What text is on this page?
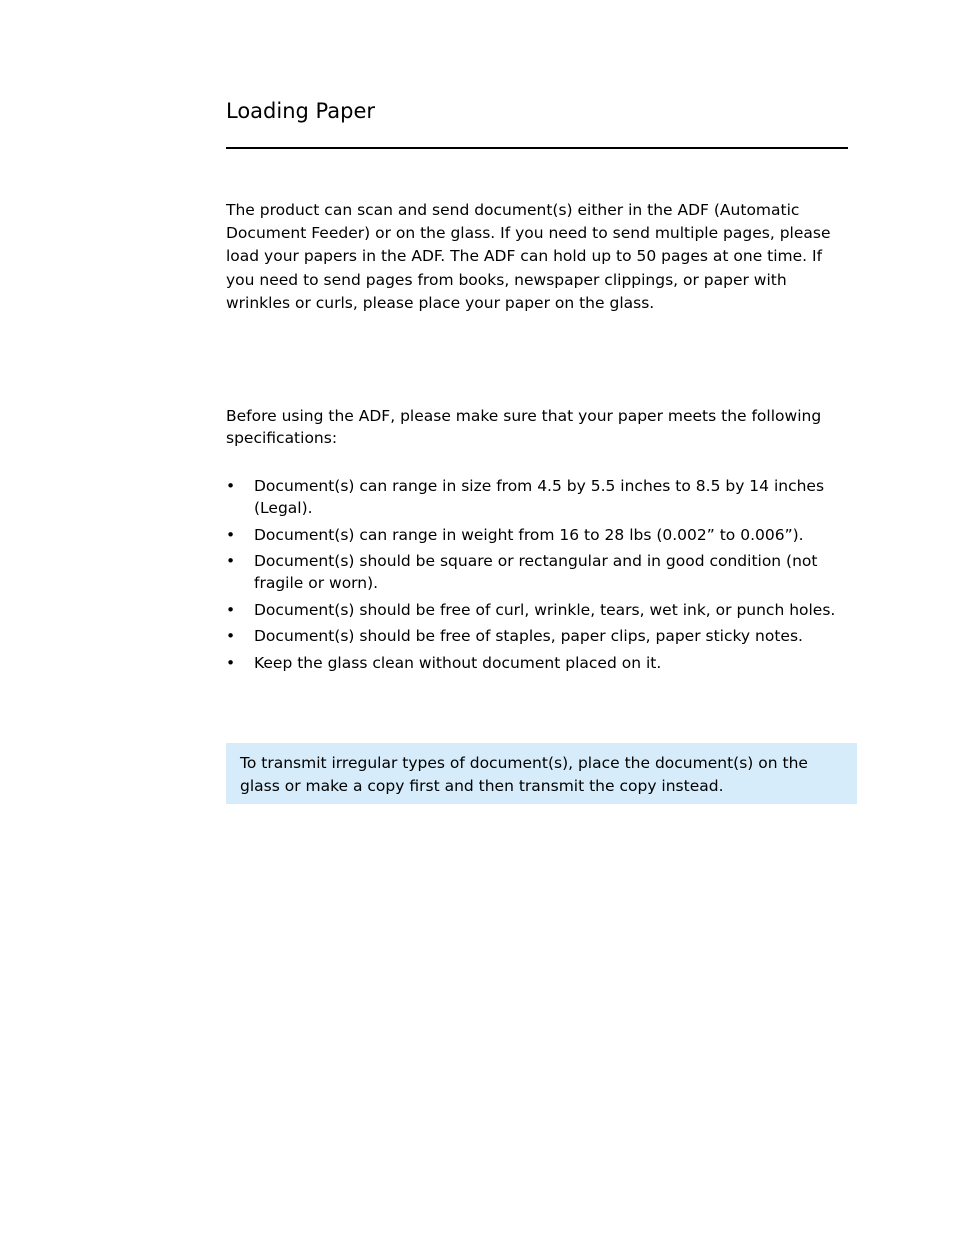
Loading Paper

The product can scan and send document(s) either in the ADF (Automatic Document Feeder) or on the glass. If you need to send multiple pages, please load your papers in the ADF. The ADF can hold up to 50 pages at one time. If you need to send pages from books, newspaper clippings, or paper with wrinkles or curls, please place your paper on the glass.

Before using the ADF, please make sure that your paper meets the following specifications:

•	Document(s) can range in size from 4.5 by 5.5 inches to 8.5 by 14 inches (Legal).
•	Document(s) can range in weight from 16 to 28 lbs (0.002” to 0.006”).
•	Document(s) should be square or rectangular and in good condition (not fragile or worn).
•	Document(s) should be free of curl, wrinkle, tears, wet ink, or punch holes.
•	Document(s) should be free of staples, paper clips, paper sticky notes.
•	Keep the glass clean without document placed on it.

To transmit irregular types of document(s), place the document(s) on the glass or make a copy first and then transmit the copy instead.
